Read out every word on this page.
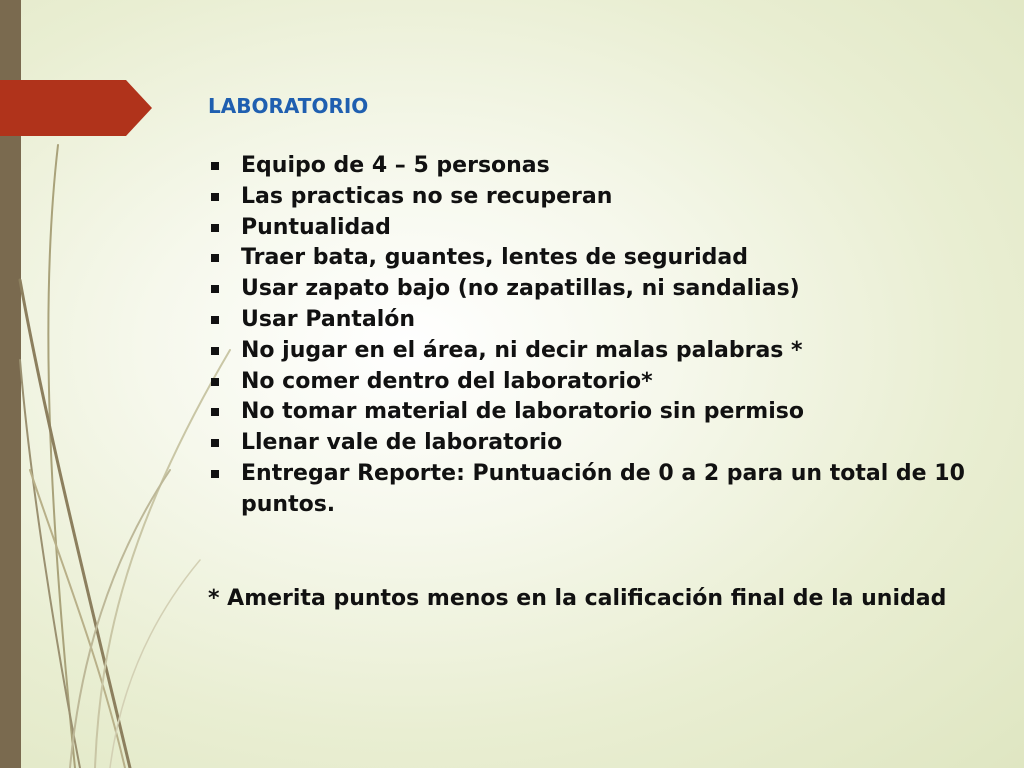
LABORATORIO
Equipo de 4 – 5 personas
Las practicas no se recuperan
Puntualidad
Traer bata, guantes, lentes de seguridad
Usar zapato bajo (no zapatillas, ni sandalias)
Usar Pantalón
No jugar en el área, ni decir malas palabras *
No comer dentro del laboratorio*
No tomar material de laboratorio sin permiso
Llenar vale de laboratorio
Entregar Reporte: Puntuación de 0 a 2 para un total de 10 puntos.
* Amerita puntos menos en la calificación final de la unidad
